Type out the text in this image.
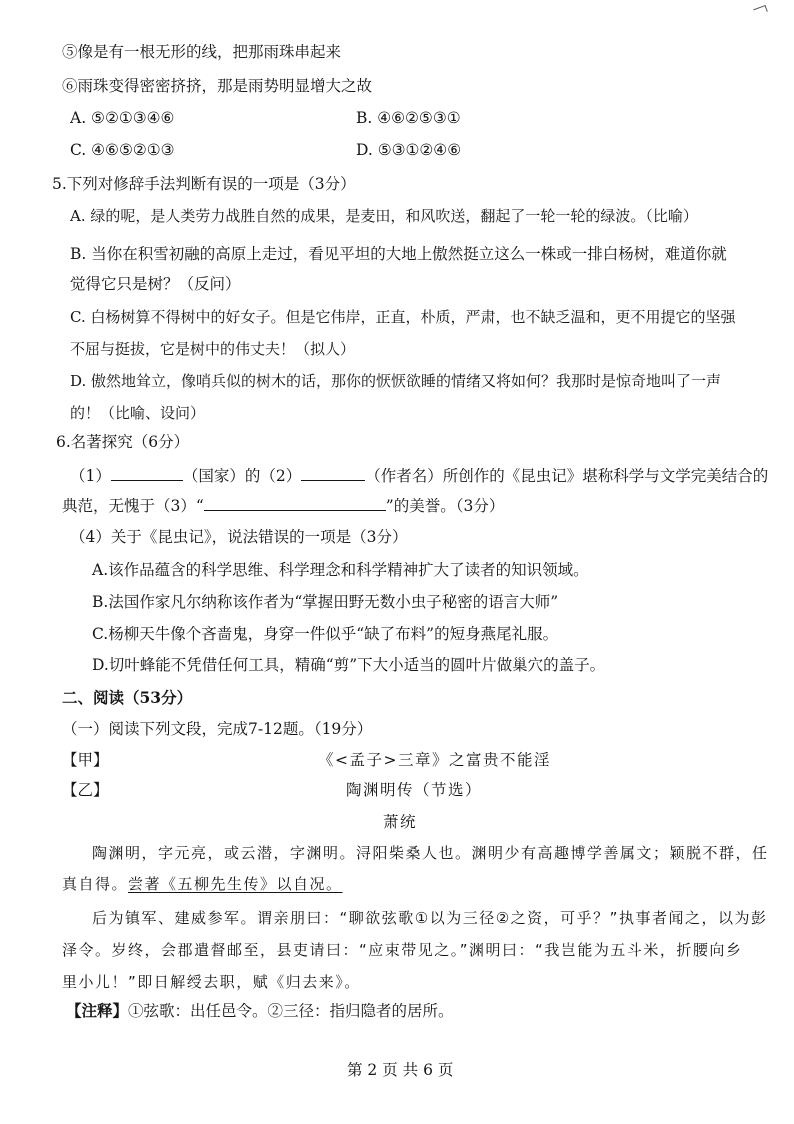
⑤像是有一根无形的线，把那雨珠串起来
⑥雨珠变得密密挤挤，那是雨势明显增大之故
A. ⑤②①③④⑥	B. ④⑥②⑤③①
C. ④⑥⑤②①③	D. ⑤③①②④⑥
5.下列对修辞手法判断有误的一项是（3分）
A. 绿的呢，是人类劳力战胜自然的成果，是麦田，和风吹送，翻起了一轮一轮的绿波。（比喻）
B. 当你在积雪初融的高原上走过，看见平坦的大地上傲然挺立这么一株或一排白杨树，难道你就觉得它只是树？（反问）
C. 白杨树算不得树中的好女子。但是它伟岸，正直，朴质，严肃，也不缺乏温和，更不用提它的坚强不屈与挺拔，它是树中的伟丈夫！（拟人）
D. 傲然地耸立，像哨兵似的树木的话，那你的恹恹欲睡的情绪又将如何？我那时是惊奇地叫了一声的！（比喻、设问）
6.名著探究（6分）
（1）	（国家）的（2）	（作者名）所创作的《昆虫记》堪称科学与文学完美结合的
典范，无愧于（3）“	”的美誉。（3分）
（4）关于《昆虫记》，说法错误的一项是（3分）
A.该作品蕴含的科学思维、科学理念和科学精神扩大了读者的知识领域。
B.法国作家凡尔纳称该作者为“掌握田野无数小虫子秘密的语言大师”
C.杨柳天牛像个吝啬鬼，身穿一件似乎“缺了布料”的短身燕尾礼服。
D.切叶蜂能不凭借任何工具，精确“剪”下大小适当的圆叶片做巢穴的盖子。
二、阅读（53分）
（一）阅读下列文段，完成7-12题。（19分）
【甲】	《<孟子>三章》之富贵不能淫
【乙】	陶渊明传（节选）
萧统
陶渊明，字元亮，或云潜，字渊明。浔阳柴桑人也。渊明少有高趣博学善属文；颖脱不群，任
真自得。尝著《五柳先生传》以自况。
后为镇军、建威参军。谓亲朋曰：“聊欲弦歌①以为三径②之资，可乎？”执事者闻之，以为彭
泽令。岁终，会郡遣督邮至，县吏请曰：“应束带见之。”渊明曰：“我岂能为五斗米，折腰向乡
里小儿！”即日解绶去职，赋《归去来》。
【注释】①弦歌：出任邑令。②三径：指归隐者的居所。
第 2 页 共 6 页
